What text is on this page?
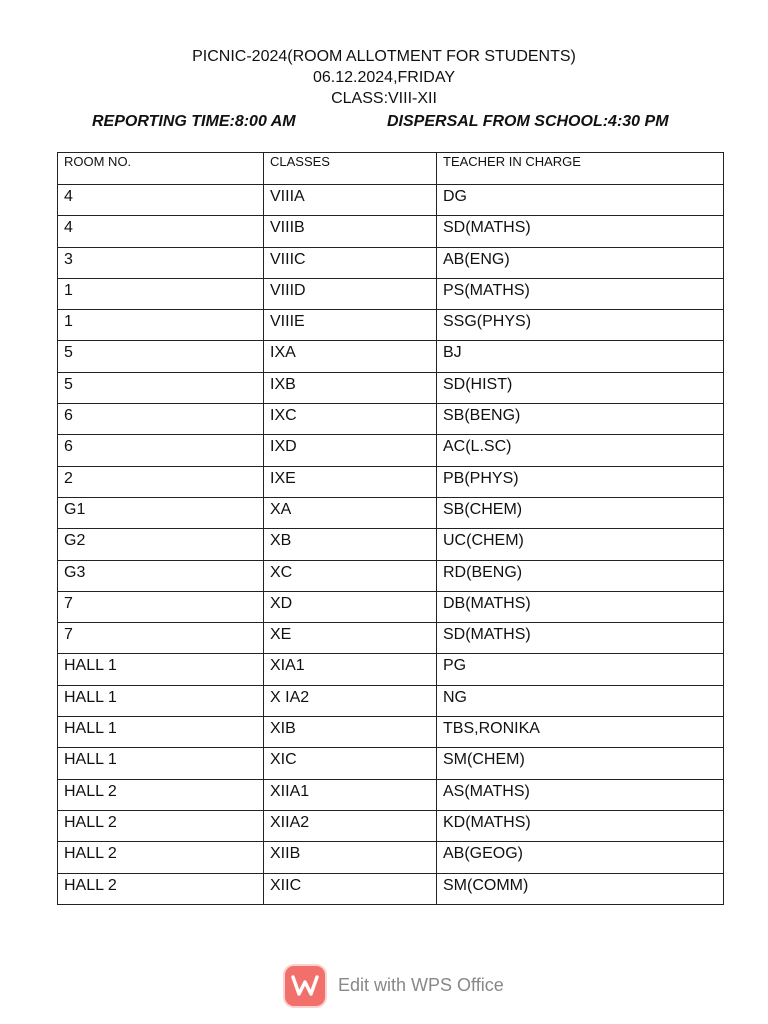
PICNIC-2024(ROOM ALLOTMENT FOR STUDENTS)
06.12.2024,FRIDAY
CLASS:VIII-XII
REPORTING TIME:8:00 AM	DISPERSAL FROM SCHOOL:4:30 PM
ROOM NO.	CLASSES	TEACHER IN CHARGE
4	VIIIA	DG
4	VIIIB	SD(MATHS)
3	VIIIC	AB(ENG)
1	VIIID	PS(MATHS)
1	VIIIE	SSG(PHYS)
5	IXA	BJ
5	IXB	SD(HIST)
6	IXC	SB(BENG)
6	IXD	AC(L.SC)
2	IXE	PB(PHYS)
G1	XA	SB(CHEM)
G2	XB	UC(CHEM)
G3	XC	RD(BENG)
7	XD	DB(MATHS)
7	XE	SD(MATHS)
HALL 1	XIA1	PG
HALL 1	X IA2	NG
HALL 1	XIB	TBS,RONIKA
HALL 1	XIC	SM(CHEM)
HALL 2	XIIA1	AS(MATHS)
HALL 2	XIIA2	KD(MATHS)
HALL 2	XIIB	AB(GEOG)
HALL 2	XIIC	SM(COMM)
Edit with WPS Office
